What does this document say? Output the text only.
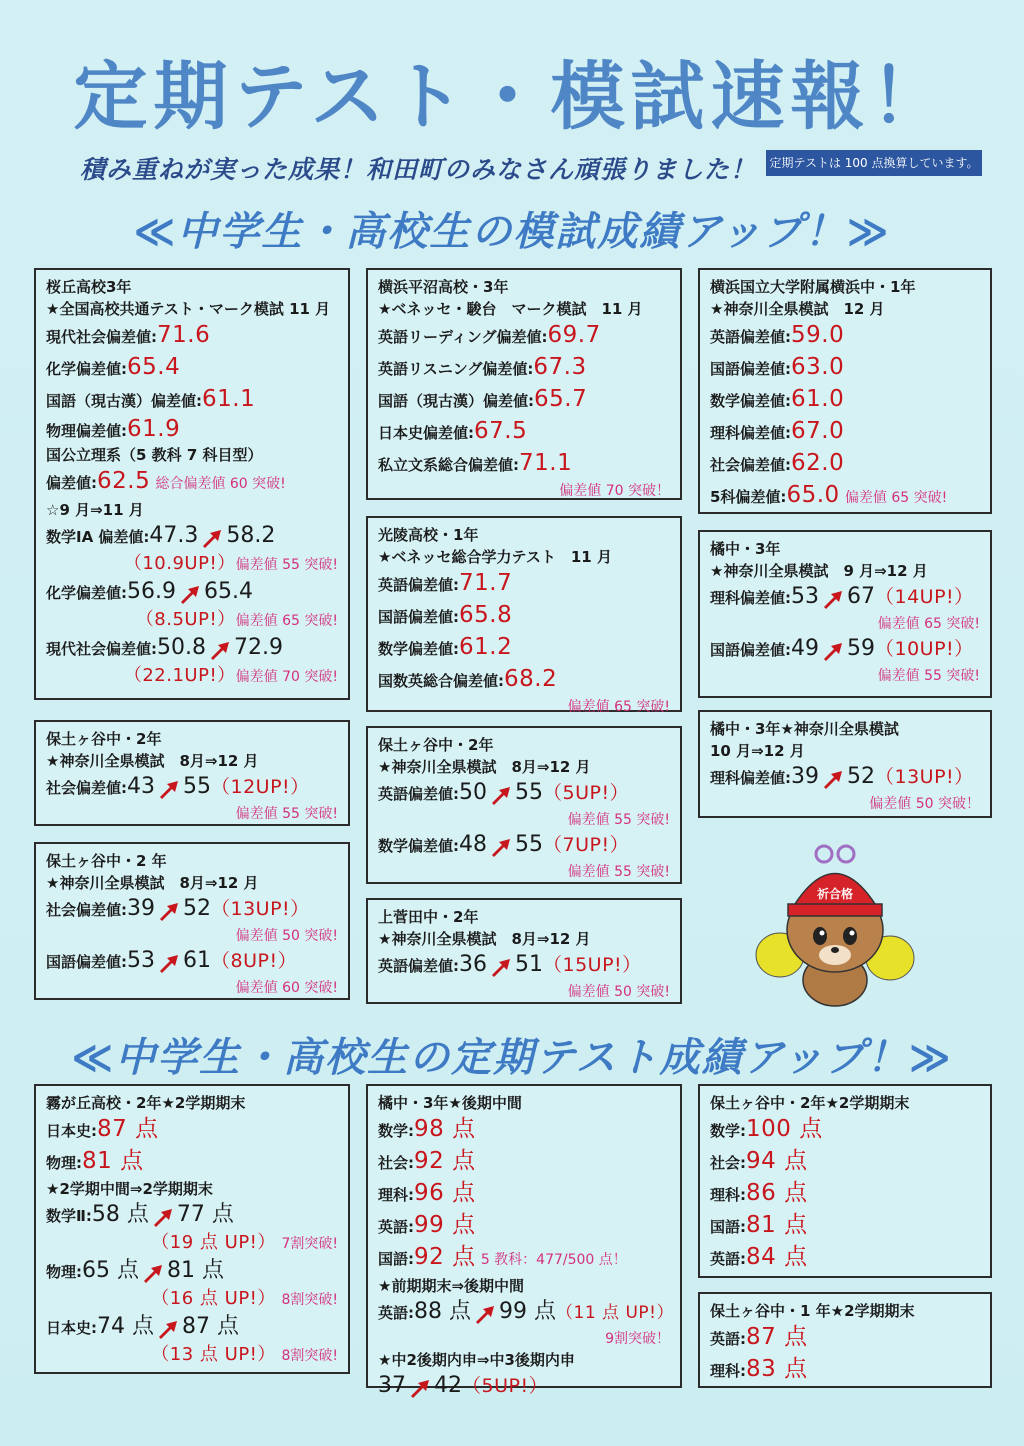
定期テスト・模試速報！
積み重ねが実った成果！和田町のみなさん頑張りました！ 定期テストは 100 点換算しています。
≪中学生・高校生の模試成績アップ！≫
桜丘高校3年
★全国高校共通テスト・マーク模試 11 月
現代社会偏差値:71.6
化学偏差値:65.4
国語（現古漢）偏差値:61.1
物理偏差値:61.9
国公立理系（5 教科 7 科目型）
偏差値:62.5 総合偏差値 60 突破!
☆9 月⇒11 月
数学ⅠA 偏差値:47.3 58.2
（10.9UP!）偏差値 55 突破!
化学偏差値:56.9 65.4
（8.5UP!）偏差値 65 突破!
現代社会偏差値:50.8 72.9
（22.1UP!）偏差値 70 突破!
横浜平沼高校・3年
★ベネッセ・駿台　マーク模試　11 月
英語リーディング偏差値:69.7
英語リスニング偏差値:67.3
国語（現古漢）偏差値:65.7
日本史偏差値:67.5
私立文系総合偏差値:71.1
偏差値 70 突破！
横浜国立大学附属横浜中・1年
★神奈川全県模試　12 月
英語偏差値:59.0
国語偏差値:63.0
数学偏差値:61.0
理科偏差値:67.0
社会偏差値:62.0
5科偏差値:65.0 偏差値 65 突破!
光陵高校・1年
★ベネッセ総合学力テスト　11 月
英語偏差値:71.7
国語偏差値:65.8
数学偏差値:61.2
国数英総合偏差値:68.2
偏差値 65 突破!
橘中・3年
★神奈川全県模試　9 月⇒12 月
理科偏差値:53 67（14UP!）
偏差値 65 突破!
国語偏差値:49 59（10UP!）
偏差値 55 突破!
保土ヶ谷中・2年
★神奈川全県模試　8月⇒12 月
社会偏差値:43 55（12UP!）
偏差値 55 突破!
保土ヶ谷中・2年
★神奈川全県模試　8月⇒12 月
英語偏差値:50 55（5UP!）
偏差値 55 突破!
数学偏差値:48 55（7UP!）
偏差値 55 突破!
橘中・3年★神奈川全県模試
10 月⇒12 月
理科偏差値:39 52（13UP!）
偏差値 50 突破！
保土ヶ谷中・2 年
★神奈川全県模試　8月⇒12 月
社会偏差値:39 52（13UP!）
偏差値 50 突破!
国語偏差値:53 61（8UP!）
偏差値 60 突破!
上菅田中・2年
★神奈川全県模試　8月⇒12 月
英語偏差値:36 51（15UP!）
偏差値 50 突破!
祈合格
≪中学生・高校生の定期テスト成績アップ！≫
霧が丘高校・2年★2学期期末
日本史:87 点
物理:81 点
★2学期中間⇒2学期期末
数学Ⅱ:58 点 77 点
（19 点 UP!） 7割突破!
物理:65 点 81 点
（16 点 UP!） 8割突破!
日本史:74 点 87 点
（13 点 UP!） 8割突破!
橘中・3年★後期中間
数学:98 点
社会:92 点
理科:96 点
英語:99 点
国語:92 点 5 教科：477/500 点！
★前期期末⇒後期中間
英語:88 点 99 点（11 点 UP!）
9割突破！
★中2後期内申⇒中3後期内申
37 42（5UP!）
保土ヶ谷中・2年★2学期期末
数学:100 点
社会:94 点
理科:86 点
国語:81 点
英語:84 点
保土ヶ谷中・1 年★2学期期末
英語:87 点
理科:83 点
